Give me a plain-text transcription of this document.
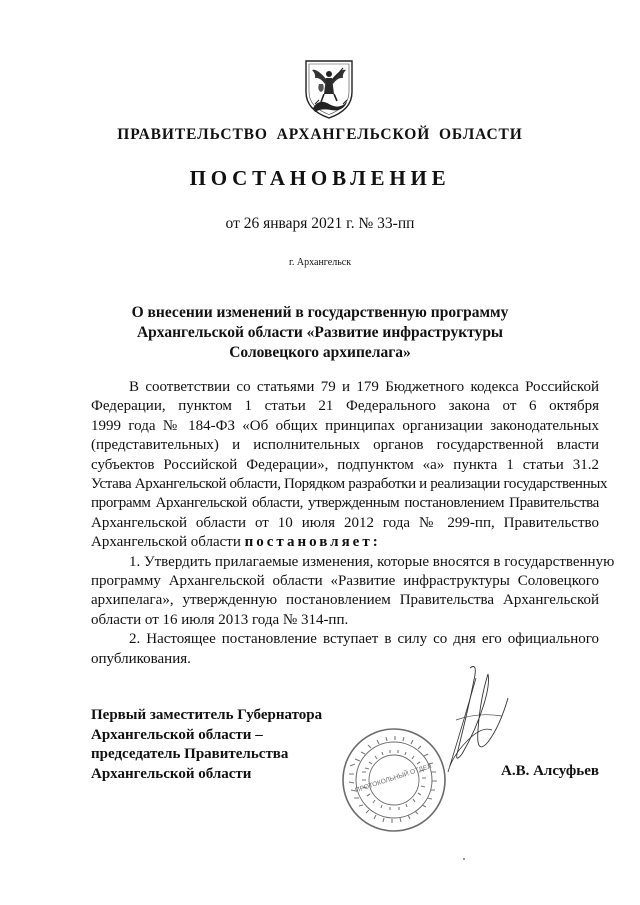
ПРАВИТЕЛЬСТВО АРХАНГЕЛЬСКОЙ ОБЛАСТИ
ПОСТАНОВЛЕНИЕ
от 26 января 2021 г. № 33-пп
г. Архангельск
О внесении изменений в государственную программу
Архангельской области «Развитие инфраструктуры
Соловецкого архипелага»
В соответствии со статьями 79 и 179 Бюджетного кодекса Российской
Федерации, пунктом 1 статьи 21 Федерального закона от 6 октября
1999 года № 184-ФЗ «Об общих принципах организации законодательных
(представительных) и исполнительных органов государственной власти
субъектов Российской Федерации», подпунктом «а» пункта 1 статьи 31.2
Устава Архангельской области, Порядком разработки и реализации государственных
программ Архангельской области, утвержденным постановлением Правительства
Архангельской области от 10 июля 2012 года № 299-пп, Правительство
Архангельской области постановляет:
1. Утвердить прилагаемые изменения, которые вносятся в государственную
программу Архангельской области «Развитие инфраструктуры Соловецкого
архипелага», утвержденную постановлением Правительства Архангельской
области от 16 июля 2013 года № 314-пп.
2. Настоящее постановление вступает в силу со дня его официального
опубликования.
Первый заместитель Губернатора
Архангельской области –
председатель Правительства
Архангельской области	А.В. Алсуфьев
ПРОТОКОЛЬНЫЙ ОТДЕЛ
